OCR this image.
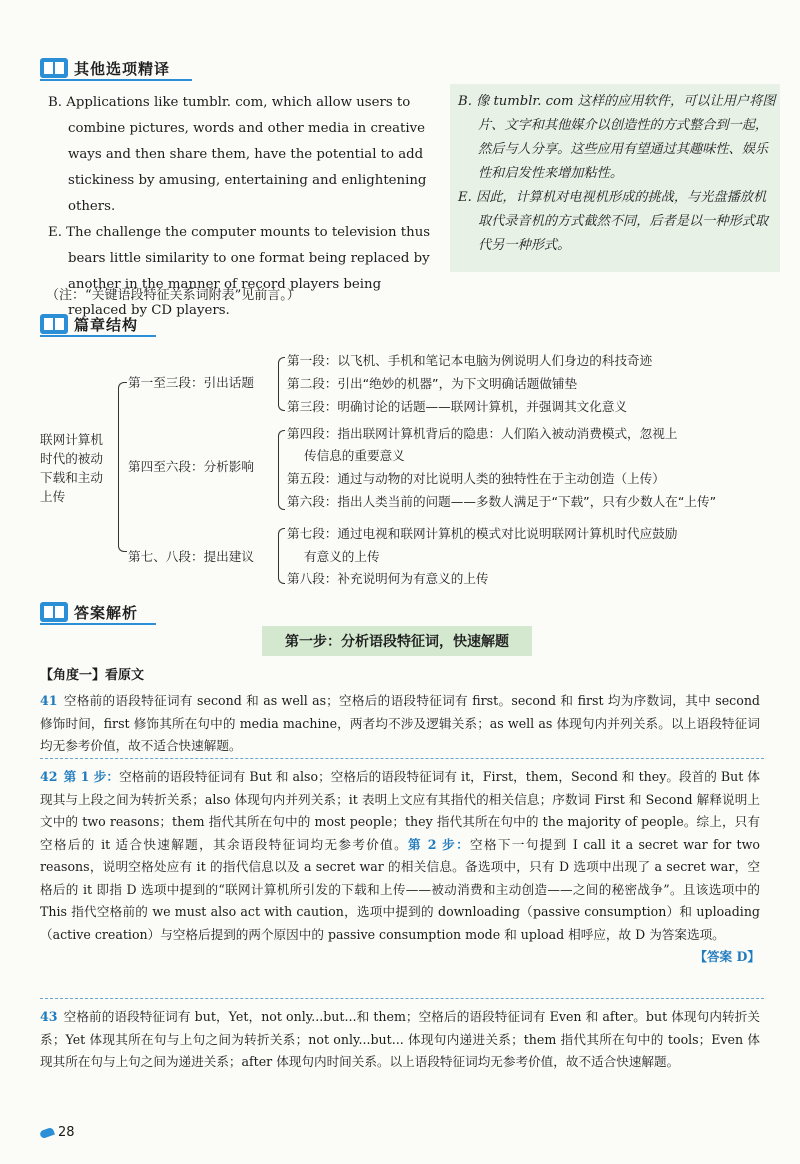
其他选项精译

B. Applications like tumblr. com, which allow users to combine pictures, words and other media in creative ways and then share them, have the potential to add stickiness by amusing, entertaining and enlightening others.

E. The challenge the computer mounts to television thus bears little similarity to one format being replaced by another in the manner of record players being replaced by CD players.

B. 像 tumblr. com 这样的应用软件，可以让用户将图片、文字和其他媒介以创造性的方式整合到一起，然后与人分享。这些应用有望通过其趣味性、娱乐性和启发性来增加粘性。

E. 因此，计算机对电视机形成的挑战，与光盘播放机取代录音机的方式截然不同，后者是以一种形式取代另一种形式。

（注：“关键语段特征关系词附表”见前言。）
篇章结构
联网计算机
时代的被动
下载和主动
上传
第一至三段：引出话题
第一段：以飞机、手机和笔记本电脑为例说明人们身边的科技奇迹
第二段：引出“绝妙的机器”，为下文明确话题做铺垫
第三段：明确讨论的话题——联网计算机，并强调其文化意义
第四至六段：分析影响
第四段：指出联网计算机背后的隐患：人们陷入被动消费模式，忽视上
传信息的重要意义
第五段：通过与动物的对比说明人类的独特性在于主动创造（上传）
第六段：指出人类当前的问题——多数人满足于“下载”，只有少数人在“上传”
第七、八段：提出建议
第七段：通过电视和联网计算机的模式对比说明联网计算机时代应鼓励
有意义的上传
第八段：补充说明何为有意义的上传
答案解析
第一步：分析语段特征词，快速解题
【角度一】看原文

41 空格前的语段特征词有 second 和 as well as；空格后的语段特征词有 first。second 和 first 均为序数词，其中 second 修饰时间，first 修饰其所在句中的 media machine，两者均不涉及逻辑关系；as well as 体现句内并列关系。以上语段特征词均无参考价值，故不适合快速解题。

42 第 1 步：空格前的语段特征词有 But 和 also；空格后的语段特征词有 it，First，them，Second 和 they。段首的 But 体现其与上段之间为转折关系；also 体现句内并列关系；it 表明上文应有其指代的相关信息；序数词 First 和 Second 解释说明上文中的 two reasons；them 指代其所在句中的 most people；they 指代其所在句中的 the majority of people。综上，只有空格后的 it 适合快速解题，其余语段特征词均无参考价值。第 2 步：空格下一句提到 I call it a secret war for two reasons，说明空格处应有 it 的指代信息以及 a secret war 的相关信息。备选项中，只有 D 选项中出现了 a secret war，空格后的 it 即指 D 选项中提到的“联网计算机所引发的下载和上传——被动消费和主动创造——之间的秘密战争”。且该选项中的 This 指代空格前的 we must also act with caution，选项中提到的 downloading（passive consumption）和 uploading （active creation）与空格后提到的两个原因中的 passive consumption mode 和 upload 相呼应，故 D 为答案选项。
【答案 D】

43 空格前的语段特征词有 but，Yet，not only...but...和 them；空格后的语段特征词有 Even 和 after。but 体现句内转折关系；Yet 体现其所在句与上句之间为转折关系；not only...but... 体现句内递进关系；them 指代其所在句中的 tools；Even 体现其所在句与上句之间为递进关系；after 体现句内时间关系。以上语段特征词均无参考价值，故不适合快速解题。

28
